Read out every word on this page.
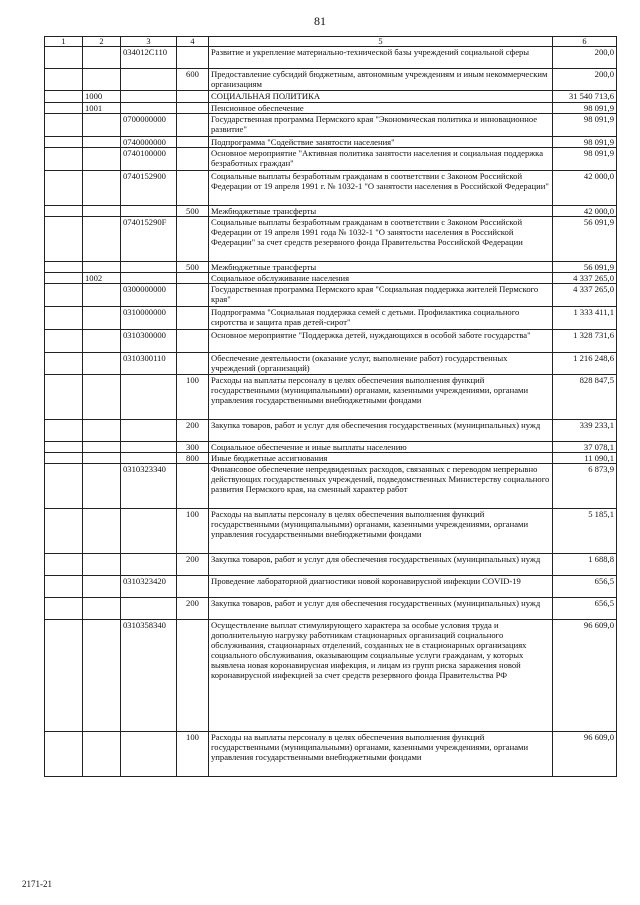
81
1	2	3	4	5	6
		034012C110		Развитие и укрепление материально-технической базы учреждений социальной сферы	200,0
			600	Предоставление субсидий бюджетным, автономным учреждениям и иным некоммерческим организациям	200,0
	1000			СОЦИАЛЬНАЯ ПОЛИТИКА	31 540 713,6
	1001			Пенсионное обеспечение	98 091,9
		0700000000		Государственная программа Пермского края "Экономическая политика и инновационное развитие"	98 091,9
		0740000000		Подпрограмма "Содействие занятости населения"	98 091,9
		0740100000		Основное мероприятие "Активная политика занятости населения и социальная поддержка безработных граждан"	98 091,9
		0740152900		Социальные выплаты безработным гражданам в соответствии с Законом Российской Федерации от 19 апреля 1991 г. № 1032-1 "О занятости населения в Российской Федерации"	42 000,0
			500	Межбюджетные трансферты	42 000,0
		074015290F		Социальные выплаты безработным гражданам в соответствии с Законом Российской Федерации от 19 апреля 1991 года № 1032-1 "О занятости населения в Российской Федерации" за счет средств резервного фонда Правительства Российской Федерации	56 091,9
			500	Межбюджетные трансферты	56 091,9
	1002			Социальное обслуживание населения	4 337 265,0
		0300000000		Государственная программа Пермского края "Социальная поддержка жителей Пермского края"	4 337 265,0
		0310000000		Подпрограмма "Социальная поддержка семей с детьми. Профилактика социального сиротства и защита прав детей-сирот"	1 333 411,1
		0310300000		Основное мероприятие "Поддержка детей, нуждающихся в особой заботе государства"	1 328 731,6
		0310300110		Обеспечение деятельности (оказание услуг, выполнение работ) государственных учреждений (организаций)	1 216 248,6
			100	Расходы на выплаты персоналу в целях обеспечения выполнения функций государственными (муниципальными) органами, казенными учреждениями, органами управления государственными внебюджетными фондами	828 847,5
			200	Закупка товаров, работ и услуг для обеспечения государственных (муниципальных) нужд	339 233,1
			300	Социальное обеспечение и иные выплаты населению	37 078,1
			800	Иные бюджетные ассигнования	11 090,1
		0310323340		Финансовое обеспечение непредвиденных расходов, связанных с переводом непрерывно действующих государственных учреждений, подведомственных Министерству социального развития Пермского края, на сменный характер работ	6 873,9
			100	Расходы на выплаты персоналу в целях обеспечения выполнения функций государственными (муниципальными) органами, казенными учреждениями, органами управления государственными внебюджетными фондами	5 185,1
			200	Закупка товаров, работ и услуг для обеспечения государственных (муниципальных) нужд	1 688,8
		0310323420		Проведение лабораторной диагностики новой коронавирусной инфекции COVID-19	656,5
			200	Закупка товаров, работ и услуг для обеспечения государственных (муниципальных) нужд	656,5
		0310358340		Осуществление выплат стимулирующего характера за особые условия труда и дополнительную нагрузку работникам стационарных организаций социального обслуживания, стационарных отделений, созданных не в стационарных организациях социального обслуживания, оказывающим социальные услуги гражданам, у которых выявлена новая коронавирусная инфекция, и лицам из групп риска заражения новой коронавирусной инфекцией за счет средств резервного фонда Правительства РФ	96 609,0
			100	Расходы на выплаты персоналу в целях обеспечения выполнения функций государственными (муниципальными) органами, казенными учреждениями, органами управления государственными внебюджетными фондами	96 609,0
2171-21
